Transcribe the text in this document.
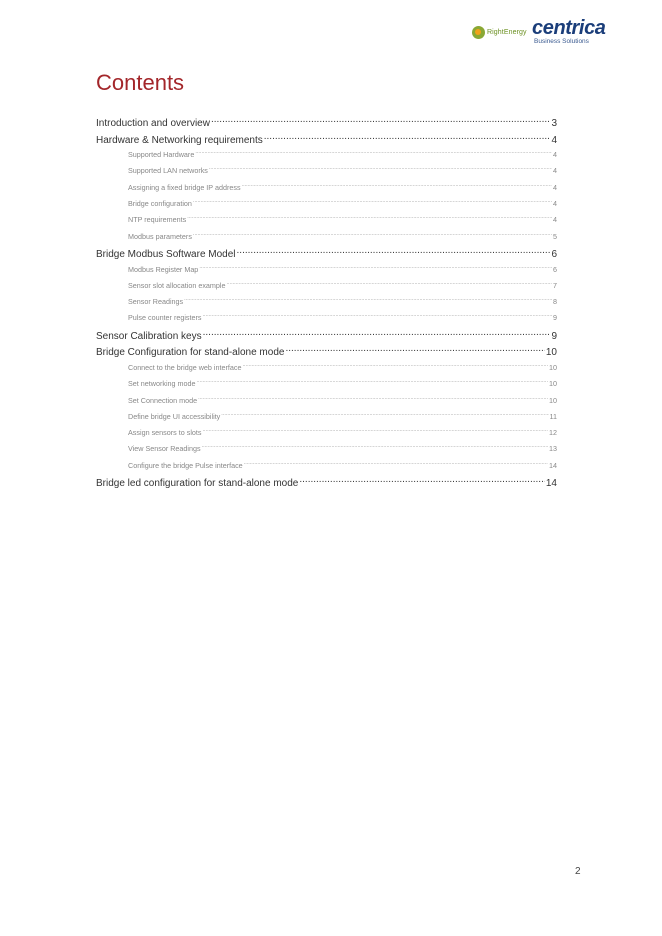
RightEnergy centrica
Business Solutions
Contents
Introduction and overview .....	3
Hardware & Networking requirements .....	4
Supported Hardware .....	4
Supported LAN networks .....	4
Assigning a fixed bridge IP address .....	4
Bridge configuration .....	4
NTP requirements .....	4
Modbus parameters .....	5
Bridge Modbus Software Model .....	6
Modbus Register Map .....	6
Sensor slot allocation example .....	7
Sensor Readings .....	8
Pulse counter registers .....	9
Sensor Calibration keys .....	9
Bridge Configuration for stand-alone mode .....	10
Connect to the bridge web interface .....	10
Set networking mode .....	10
Set Connection mode .....	10
Define bridge UI accessibility .....	11
Assign sensors to slots .....	12
View Sensor Readings .....	13
Configure the bridge Pulse interface .....	14
Bridge led configuration for stand-alone mode .....	14
2
